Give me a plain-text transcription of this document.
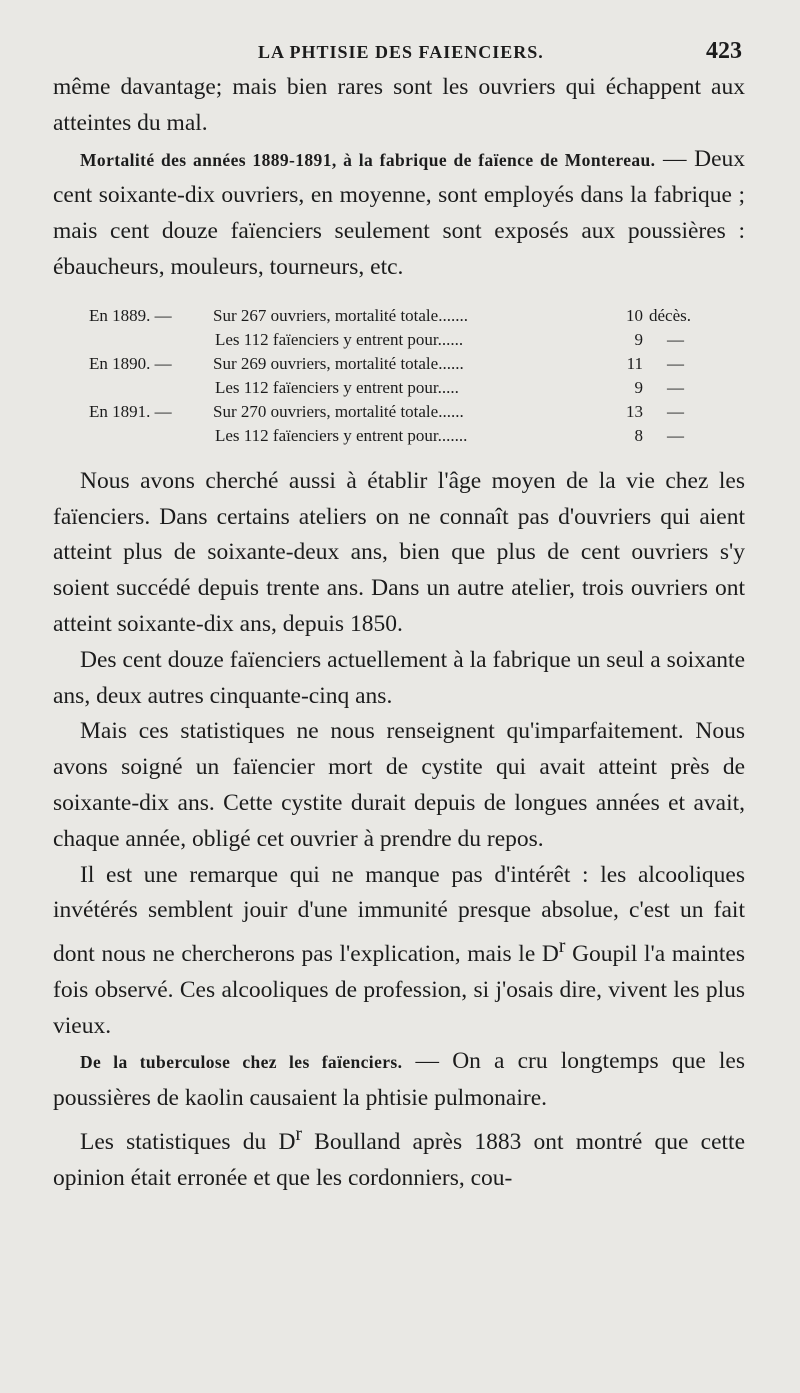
LA PHTISIE DES FAIENCIERS.	423

même davantage; mais bien rares sont les ouvriers qui échappent aux atteintes du mal.

Mortalité des années 1889-1891, à la fabrique de faïence de Montereau. — Deux cent soixante-dix ouvriers, en moyenne, sont employés dans la fabrique ; mais cent douze faïenciers seulement sont exposés aux poussières : ébaucheurs, mouleurs, tourneurs, etc.

En 1889. — Sur 267 ouvriers, mortalité totale.......	10 décès.
Les 112 faïenciers y entrent pour......	9 —
En 1890. — Sur 269 ouvriers, mortalité totale......	11 —
Les 112 faïenciers y entrent pour.....	9 —
En 1891. — Sur 270 ouvriers, mortalité totale......	13 —
Les 112 faïenciers y entrent pour.......	8 —

Nous avons cherché aussi à établir l'âge moyen de la vie chez les faïenciers. Dans certains ateliers on ne connaît pas d'ouvriers qui aient atteint plus de soixante-deux ans, bien que plus de cent ouvriers s'y soient succédé depuis trente ans. Dans un autre atelier, trois ouvriers ont atteint soixante-dix ans, depuis 1850.

Des cent douze faïenciers actuellement à la fabrique un seul a soixante ans, deux autres cinquante-cinq ans.

Mais ces statistiques ne nous renseignent qu'imparfaitement. Nous avons soigné un faïencier mort de cystite qui avait atteint près de soixante-dix ans. Cette cystite durait depuis de longues années et avait, chaque année, obligé cet ouvrier à prendre du repos.

Il est une remarque qui ne manque pas d'intérêt : les alcooliques invétérés semblent jouir d'une immunité presque absolue, c'est un fait dont nous ne chercherons pas l'explication, mais le $D^r$ Goupil l'a maintes fois observé. Ces alcooliques de profession, si j'osais dire, vivent les plus vieux.

De la tuberculose chez les faïenciers. — On a cru longtemps que les poussières de kaolin causaient la phtisie pulmonaire.

Les statistiques du $D^r$ Boulland après 1883 ont montré que cette opinion était erronée et que les cordonniers, cou-
